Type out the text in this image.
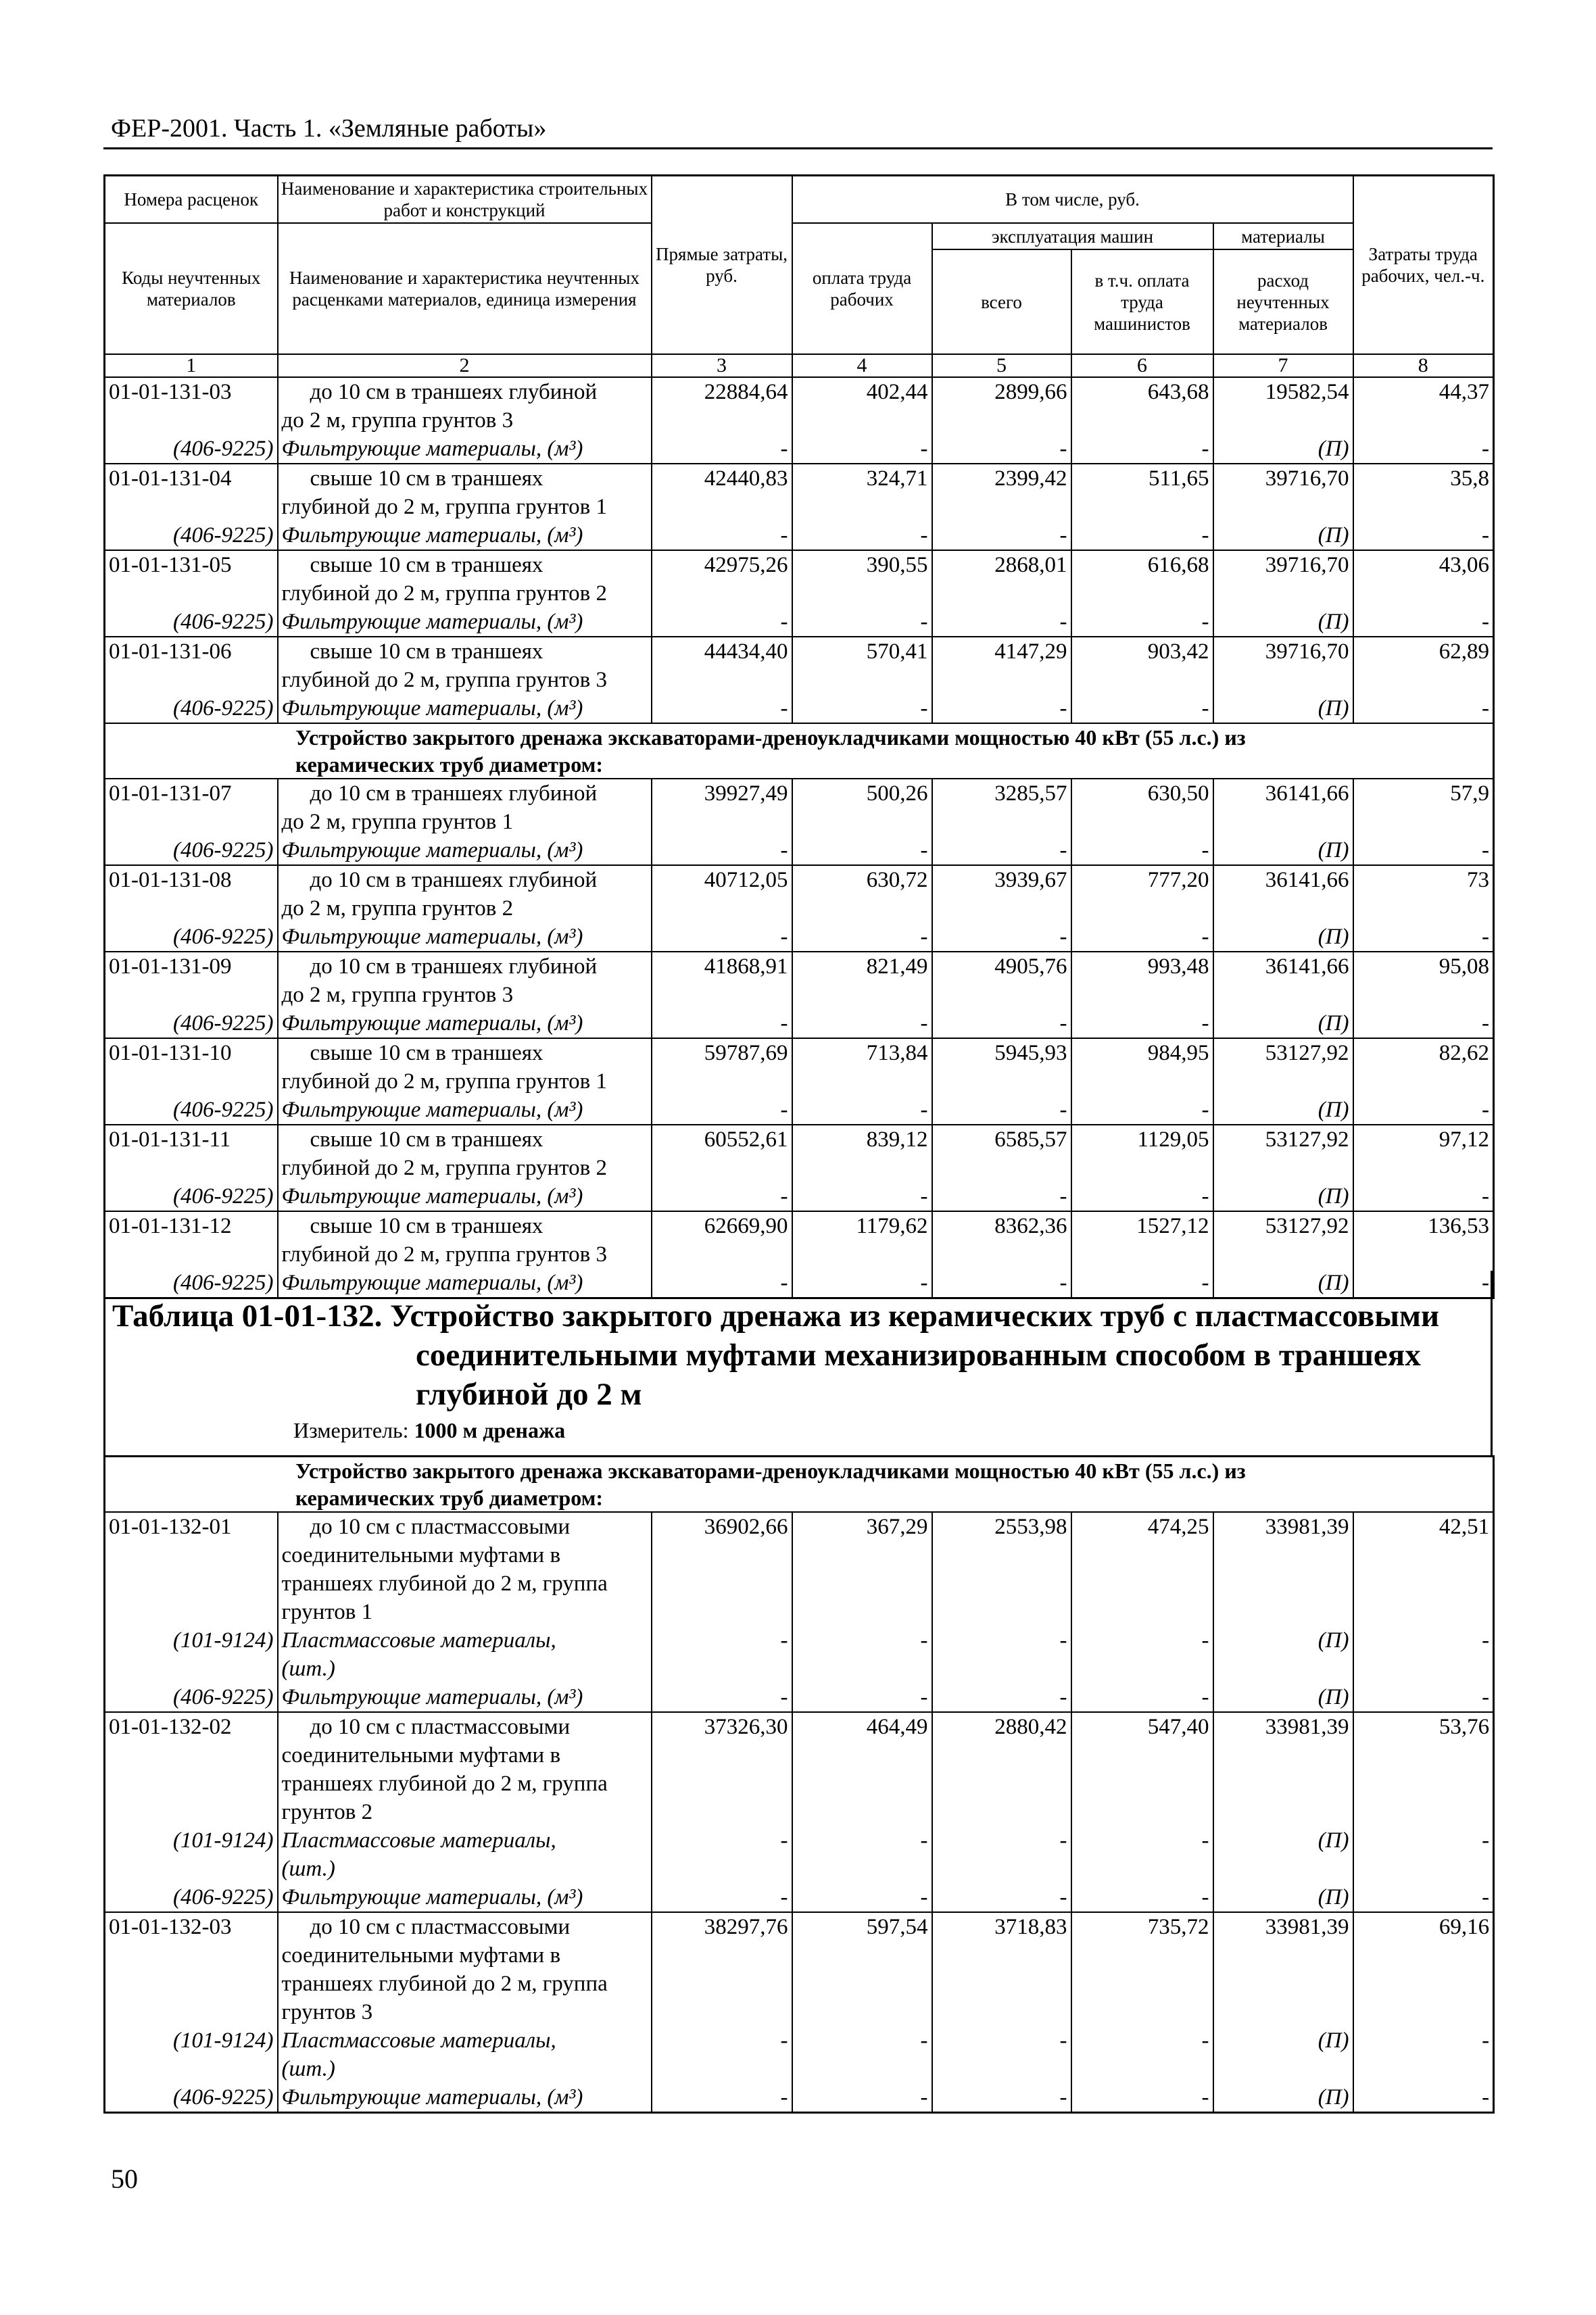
ФЕР-2001. Часть 1. «Земляные работы»
Номера расценок	Наименование и характеристика строительных работ и конструкций	Прямые затраты, руб.	В том числе, руб.				Затраты труда рабочих, чел.-ч.
Коды неучтенных материалов	Наименование и характеристика неучтенных расценками материалов, единица измерения		оплата труда рабочих	эксплуатация машин		материалы	
				всего	в т.ч. оплата труда машинистов	расход неучтенных материалов	
1	2	3	4	5	6	7	8
01-01-131-03	до 10 см в траншеях глубиной
до 2 м, группа грунтов 3	22884,64	402,44	2899,66	643,68	19582,54	44,37
(406-9225)	Фильтрующие материалы, (м³)	-	-	-	-	(П)	-
01-01-131-04	свыше 10 см в траншеях
глубиной до 2 м, группа грунтов 1	42440,83	324,71	2399,42	511,65	39716,70	35,8
(406-9225)	Фильтрующие материалы, (м³)	-	-	-	-	(П)	-
01-01-131-05	свыше 10 см в траншеях
глубиной до 2 м, группа грунтов 2	42975,26	390,55	2868,01	616,68	39716,70	43,06
(406-9225)	Фильтрующие материалы, (м³)	-	-	-	-	(П)	-
01-01-131-06	свыше 10 см в траншеях
глубиной до 2 м, группа грунтов 3	44434,40	570,41	4147,29	903,42	39716,70	62,89
(406-9225)	Фильтрующие материалы, (м³)	-	-	-	-	(П)	-

Устройство закрытого дренажа экскаваторами-дреноукладчиками мощностью 40 кВт (55 л.с.) из
керамических труб диаметром:							

01-01-131-07	до 10 см в траншеях глубиной
до 2 м, группа грунтов 1	39927,49	500,26	3285,57	630,50	36141,66	57,9
(406-9225)	Фильтрующие материалы, (м³)	-	-	-	-	(П)	-
01-01-131-08	до 10 см в траншеях глубиной
до 2 м, группа грунтов 2	40712,05	630,72	3939,67	777,20	36141,66	73
(406-9225)	Фильтрующие материалы, (м³)	-	-	-	-	(П)	-
01-01-131-09	до 10 см в траншеях глубиной
до 2 м, группа грунтов 3	41868,91	821,49	4905,76	993,48	36141,66	95,08
(406-9225)	Фильтрующие материалы, (м³)	-	-	-	-	(П)	-
01-01-131-10	свыше 10 см в траншеях
глубиной до 2 м, группа грунтов 1	59787,69	713,84	5945,93	984,95	53127,92	82,62
(406-9225)	Фильтрующие материалы, (м³)	-	-	-	-	(П)	-
01-01-131-11	свыше 10 см в траншеях
глубиной до 2 м, группа грунтов 2	60552,61	839,12	6585,57	1129,05	53127,92	97,12
(406-9225)	Фильтрующие материалы, (м³)	-	-	-	-	(П)	-
01-01-131-12	свыше 10 см в траншеях
глубиной до 2 м, группа грунтов 3	62669,90	1179,62	8362,36	1527,12	53127,92	136,53
(406-9225)	Фильтрующие материалы, (м³)	-	-	-	-	(П)	-
Таблица 01-01-132. Устройство закрытого дренажа из керамических труб с пластмассовыми соединительными муфтами механизированным способом в траншеях глубиной до 2 м
Измеритель: 1000 м дренажа
Устройство закрытого дренажа экскаваторами-дреноукладчиками мощностью 40 кВт (55 л.с.) из
керамических труб диаметром:							

01-01-132-01	до 10 см с пластмассовыми
соединительными муфтами в
траншеях глубиной до 2 м, группа
грунтов 1	36902,66	367,29	2553,98	474,25	33981,39	42,51
(101-9124)	Пластмассовые материалы,
(шт.)	-	-	-	-	(П)	-
(406-9225)	Фильтрующие материалы, (м³)	-	-	-	-	(П)	-
01-01-132-02	до 10 см с пластмассовыми
соединительными муфтами в
траншеях глубиной до 2 м, группа
грунтов 2	37326,30	464,49	2880,42	547,40	33981,39	53,76
(101-9124)	Пластмассовые материалы,
(шт.)	-	-	-	-	(П)	-
(406-9225)	Фильтрующие материалы, (м³)	-	-	-	-	(П)	-
01-01-132-03	до 10 см с пластмассовыми
соединительными муфтами в
траншеях глубиной до 2 м, группа
грунтов 3	38297,76	597,54	3718,83	735,72	33981,39	69,16
(101-9124)	Пластмассовые материалы,
(шт.)	-	-	-	-	(П)	-
(406-9225)	Фильтрующие материалы, (м³)	-	-	-	-	(П)	-
50
